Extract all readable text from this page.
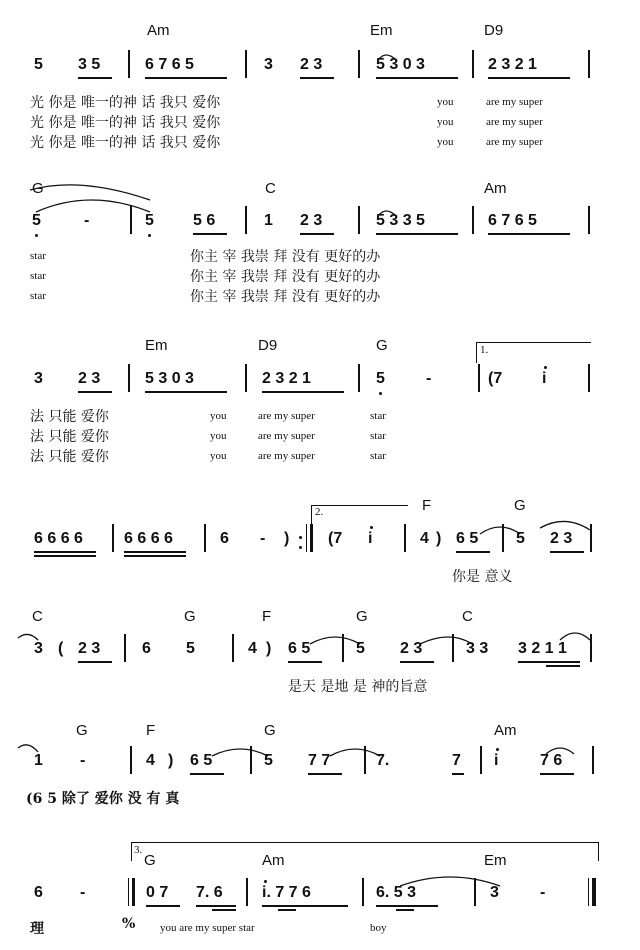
Am	Em	D9
5 3 5	6 7 6 5	3 2 3	5 3 0 3	2 3 2 1
光 你是 唯一的神 话 我只 爱你
光 你是 唯一的神 话 我只 爱你
光 你是 唯一的神 话 我只 爱你
you	are my super
you	are my super
you	are my super
G	C	Am
5	-	5 5 6	1 2 3	5 3 3 5	6 7 6 5
star
star
star
你主 宰 我崇 拜 没有 更好的办
你主 宰 我崇 拜 没有 更好的办
你主 宰 我崇 拜 没有 更好的办
Em	D9	G	1.
3 2 3	5 3 0 3	2 3 2 1	5	-	(7 i
法 只能 爱你
法 只能 爱你
法 只能 爱你
you	are my super	star
you	are my super	star
you	are my super	star
2.	F	G
6 6 6 6	6 6 6 6	6 - ) (7 i	4 ) 6 5 5 2 3
你是 意义
C	G	F	G	C
3 ( 2 3	6 5	4 ) 6 5	5 2 3	3 3 3 2 1 1
是天 是地 是 神的旨意
G	F	G	Am
1 -	4 ) 6 5	5 7 7	7.	7 i	7 6
(6 5 除了 爱你 没 有 真
3.
G	Am	Em
6 -	0 7 7. 6 i. 7 7 6	6. 5 3	3	-
理	% you are my super star	boy
